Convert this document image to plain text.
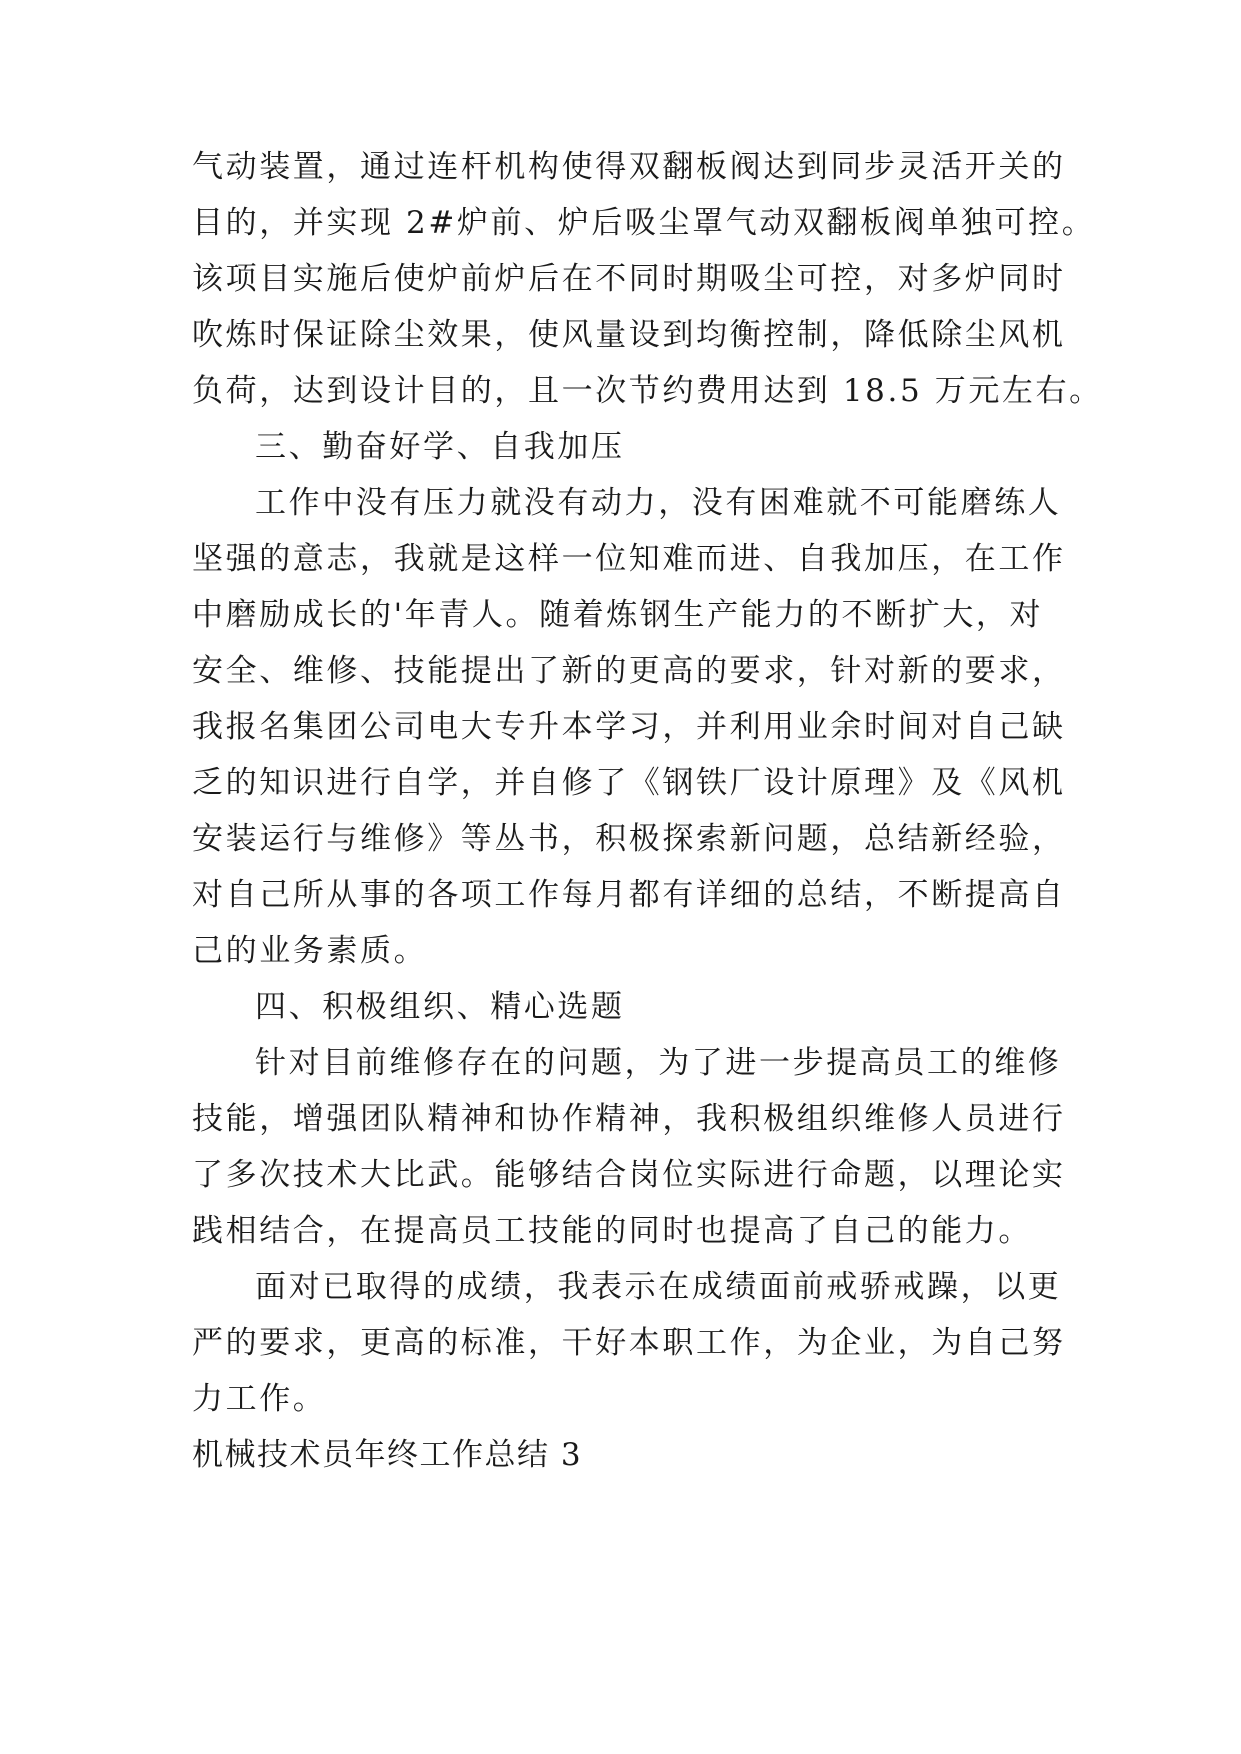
气动装置，通过连杆机构使得双翻板阀达到同步灵活开关的

目的，并实现 2#炉前、炉后吸尘罩气动双翻板阀单独可控。

该项目实施后使炉前炉后在不同时期吸尘可控，对多炉同时

吹炼时保证除尘效果，使风量设到均衡控制，降低除尘风机

负荷，达到设计目的，且一次节约费用达到 18.5 万元左右。

三、勤奋好学、自我加压

工作中没有压力就没有动力，没有困难就不可能磨练人

坚强的意志，我就是这样一位知难而进、自我加压，在工作

中磨励成长的'年青人。随着炼钢生产能力的不断扩大，对

安全、维修、技能提出了新的更高的要求，针对新的要求，

我报名集团公司电大专升本学习，并利用业余时间对自己缺

乏的知识进行自学，并自修了《钢铁厂设计原理》及《风机

安装运行与维修》等丛书，积极探索新问题，总结新经验，

对自己所从事的各项工作每月都有详细的总结，不断提高自

己的业务素质。

四、积极组织、精心选题

针对目前维修存在的问题，为了进一步提高员工的维修

技能，增强团队精神和协作精神，我积极组织维修人员进行

了多次技术大比武。能够结合岗位实际进行命题，以理论实

践相结合，在提高员工技能的同时也提高了自己的能力。

面对已取得的成绩，我表示在成绩面前戒骄戒躁，以更

严的要求，更高的标准，干好本职工作，为企业，为自己努

力工作。

机械技术员年终工作总结 3
